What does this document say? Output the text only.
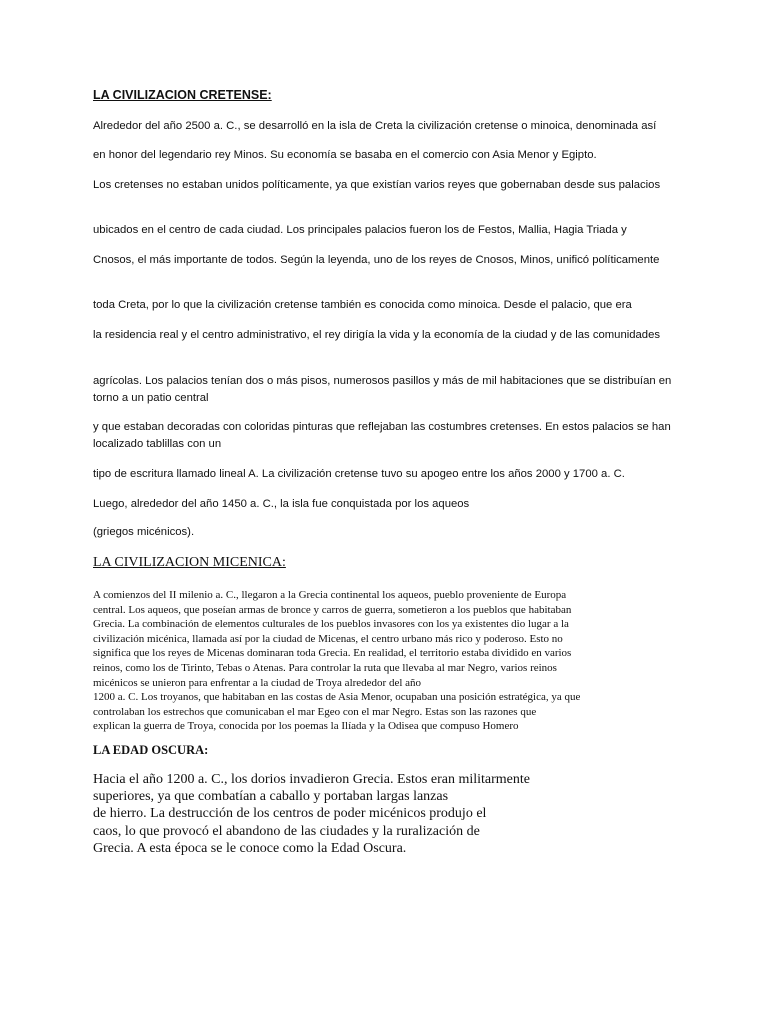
LA CIVILIZACION CRETENSE:

Alrededor del año 2500 a. C., se desarrolló en la isla de Creta la civilización cretense o minoica, denominada así

en honor del legendario rey Minos. Su economía se basaba en el comercio con Asia Menor y Egipto.

Los cretenses no estaban unidos políticamente, ya que existían varios reyes que gobernaban desde sus palacios

ubicados en el centro de cada ciudad. Los principales palacios fueron los de Festos, Mallia, Hagia Triada y

Cnosos, el más importante de todos. Según la leyenda, uno de los reyes de Cnosos, Minos, unificó políticamente

toda Creta, por lo que la civilización cretense también es conocida como minoica. Desde el palacio, que era

la residencia real y el centro administrativo, el rey dirigía la vida y la economía de la ciudad y de las comunidades

agrícolas. Los palacios tenían dos o más pisos, numerosos pasillos y más de mil habitaciones que se distribuían en torno a un patio central

y que estaban decoradas con coloridas pinturas que reflejaban las costumbres cretenses. En estos palacios se han localizado tablillas con un

tipo de escritura llamado lineal A. La civilización cretense tuvo su apogeo entre los años 2000 y 1700 a. C.

Luego, alrededor del año 1450 a. C., la isla fue conquistada por los aqueos

(griegos micénicos).

LA CIVILIZACION MICENICA:
A comienzos del II milenio a. C., llegaron a la Grecia continental los aqueos, pueblo proveniente de Europa
central. Los aqueos, que poseían armas de bronce y carros de guerra, sometieron a los pueblos que habitaban
Grecia. La combinación de elementos culturales de los pueblos invasores con los ya existentes dio lugar a la
civilización micénica, llamada así por la ciudad de Micenas, el centro urbano más rico y poderoso. Esto no
significa que los reyes de Micenas dominaran toda Grecia. En realidad, el territorio estaba dividido en varios
reinos, como los de Tirinto, Tebas o Atenas. Para controlar la ruta que llevaba al mar Negro, varios reinos
micénicos se unieron para enfrentar a la ciudad de Troya alrededor del año
1200 a. C. Los troyanos, que habitaban en las costas de Asia Menor, ocupaban una posición estratégica, ya que
controlaban los estrechos que comunicaban el mar Egeo con el mar Negro. Estas son las razones que
explican la guerra de Troya, conocida por los poemas la Ilíada y la Odisea que compuso Homero
LA EDAD OSCURA:
Hacia el año 1200 a. C., los dorios invadieron Grecia. Estos eran militarmente
superiores, ya que combatían a caballo y portaban largas lanzas
de hierro. La destrucción de los centros de poder micénicos produjo el
caos, lo que provocó el abandono de las ciudades y la ruralización de
Grecia. A esta época se le conoce como la Edad Oscura.
